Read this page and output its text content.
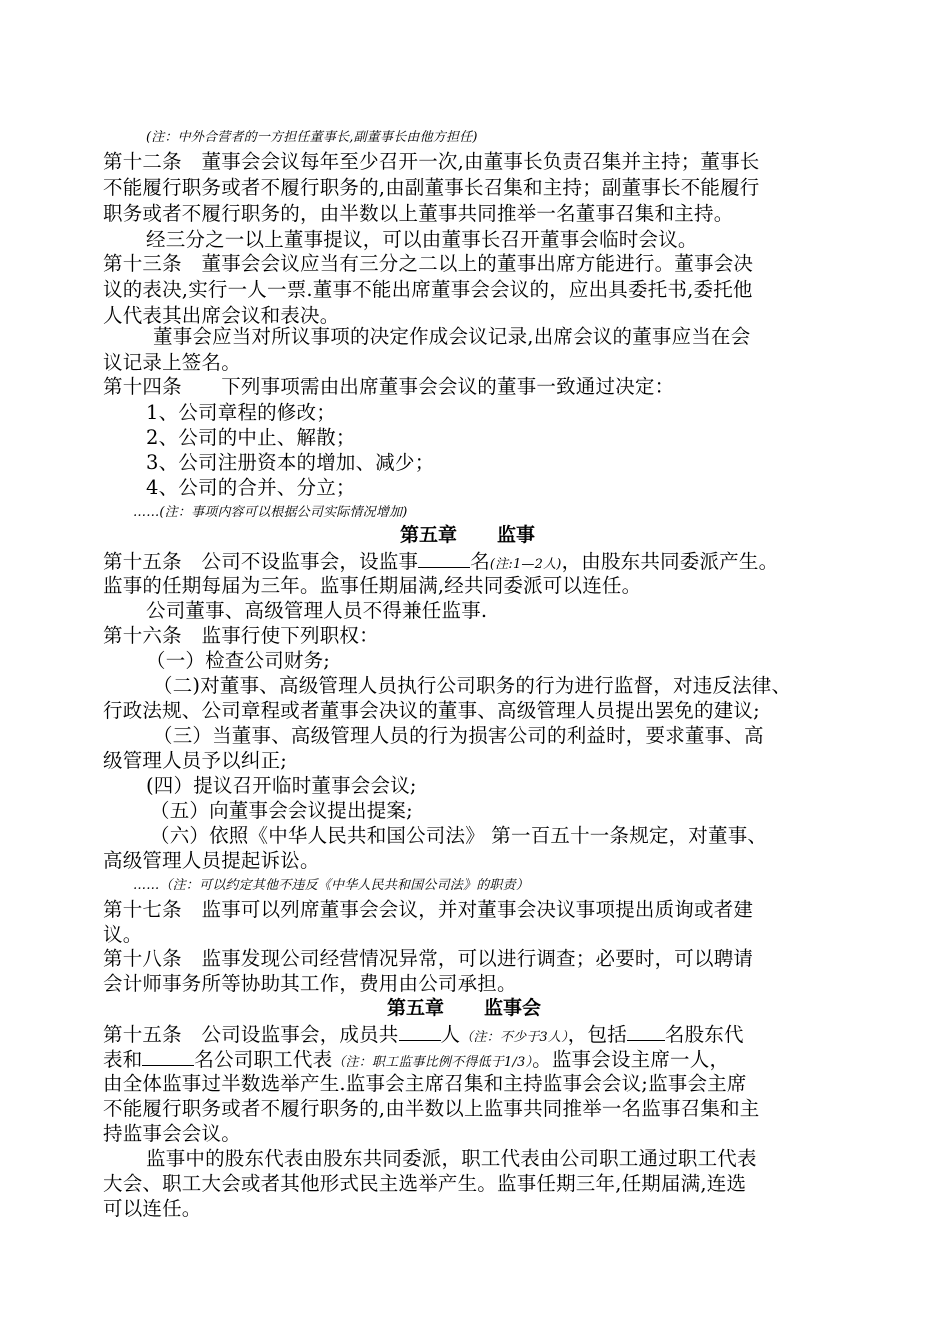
(注：中外合营者的一方担任董事长,副董事长由他方担任)
第十二条　董事会会议每年至少召开一次,由董事长负责召集并主持；董事长
不能履行职务或者不履行职务的,由副董事长召集和主持；副董事长不能履行
职务或者不履行职务的，由半数以上董事共同推举一名董事召集和主持。
经三分之一以上董事提议，可以由董事长召开董事会临时会议。
第十三条　董事会会议应当有三分之二以上的董事出席方能进行。董事会决
议的表决,实行一人一票.董事不能出席董事会会议的，应出具委托书,委托他
人代表其出席会议和表决。
董事会应当对所议事项的决定作成会议记录,出席会议的董事应当在会
议记录上签名。
第十四条　　下列事项需由出席董事会会议的董事一致通过决定：
1、公司章程的修改；
2、公司的中止、解散；
3、公司注册资本的增加、减少；
4、公司的合并、分立；
……(注：事项内容可以根据公司实际情况增加)
第五章 监事
第十五条　公司不设监事会，设监事	名(注:1—2人)，由股东共同委派产生。
监事的任期每届为三年。监事任期届满,经共同委派可以连任。
公司董事、高级管理人员不得兼任监事.
第十六条　监事行使下列职权：
（一）检查公司财务;
（二)对董事、高级管理人员执行公司职务的行为进行监督，对违反法律、
行政法规、公司章程或者董事会决议的董事、高级管理人员提出罢免的建议;
（三）当董事、高级管理人员的行为损害公司的利益时，要求董事、高
级管理人员予以纠正;
(四）提议召开临时董事会会议;
（五）向董事会会议提出提案;
（六）依照《中华人民共和国公司法》 第一百五十一条规定，对董事、
高级管理人员提起诉讼。
……（注：可以约定其他不违反《中华人民共和国公司法》的职责）
第十七条　监事可以列席董事会会议，并对董事会决议事项提出质询或者建
议。
第十八条　监事发现公司经营情况异常，可以进行调查；必要时，可以聘请
会计师事务所等协助其工作，费用由公司承担。
第五章 监事会
第十五条　公司设监事会，成员共 人（注：不少于3人），包括 名股东代
表和	名公司职工代表（注：职工监事比例不得低于1/3）。监事会设主席一人，
由全体监事过半数选举产生.监事会主席召集和主持监事会会议;监事会主席
不能履行职务或者不履行职务的,由半数以上监事共同推举一名监事召集和主
持监事会会议。
监事中的股东代表由股东共同委派，职工代表由公司职工通过职工代表
大会、职工大会或者其他形式民主选举产生。监事任期三年,任期届满,连选
可以连任。
